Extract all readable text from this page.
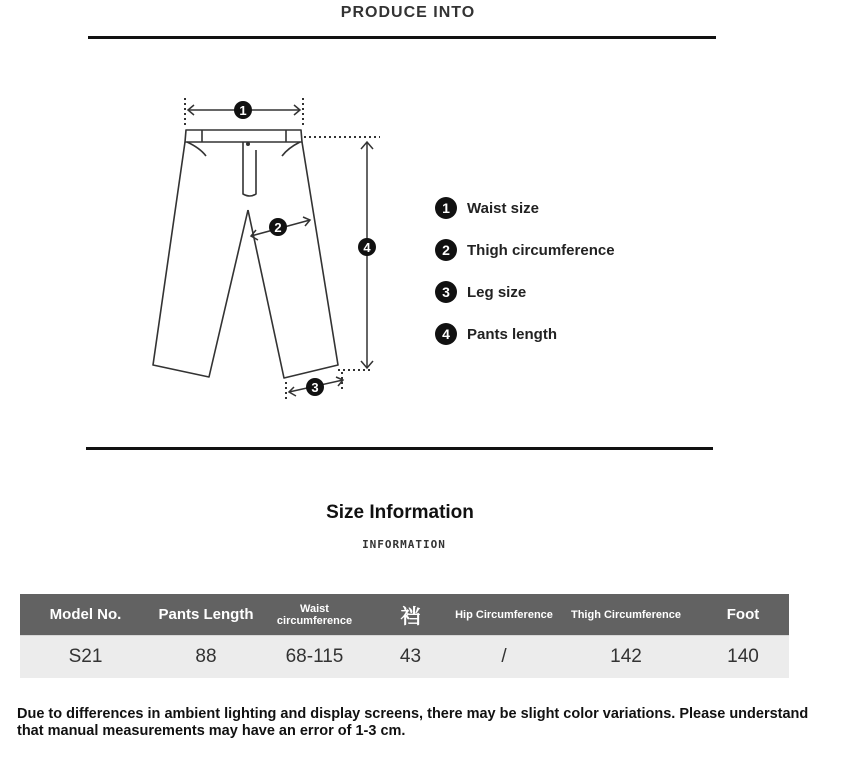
PRODUCE INTO
1
2
3
4
1	Waist size
2	Thigh circumference
3	Leg size
4	Pants length
Size Information
INFORMATION
Model No.	Pants Length	Waist circumference	裆	Hip Circumference	Thigh Circumference	Foot
S21	88	68-115	43	/	142	140
Due to differences in ambient lighting and display screens, there may be slight color variations. Please understand that manual measurements may have an error of 1-3 cm.
